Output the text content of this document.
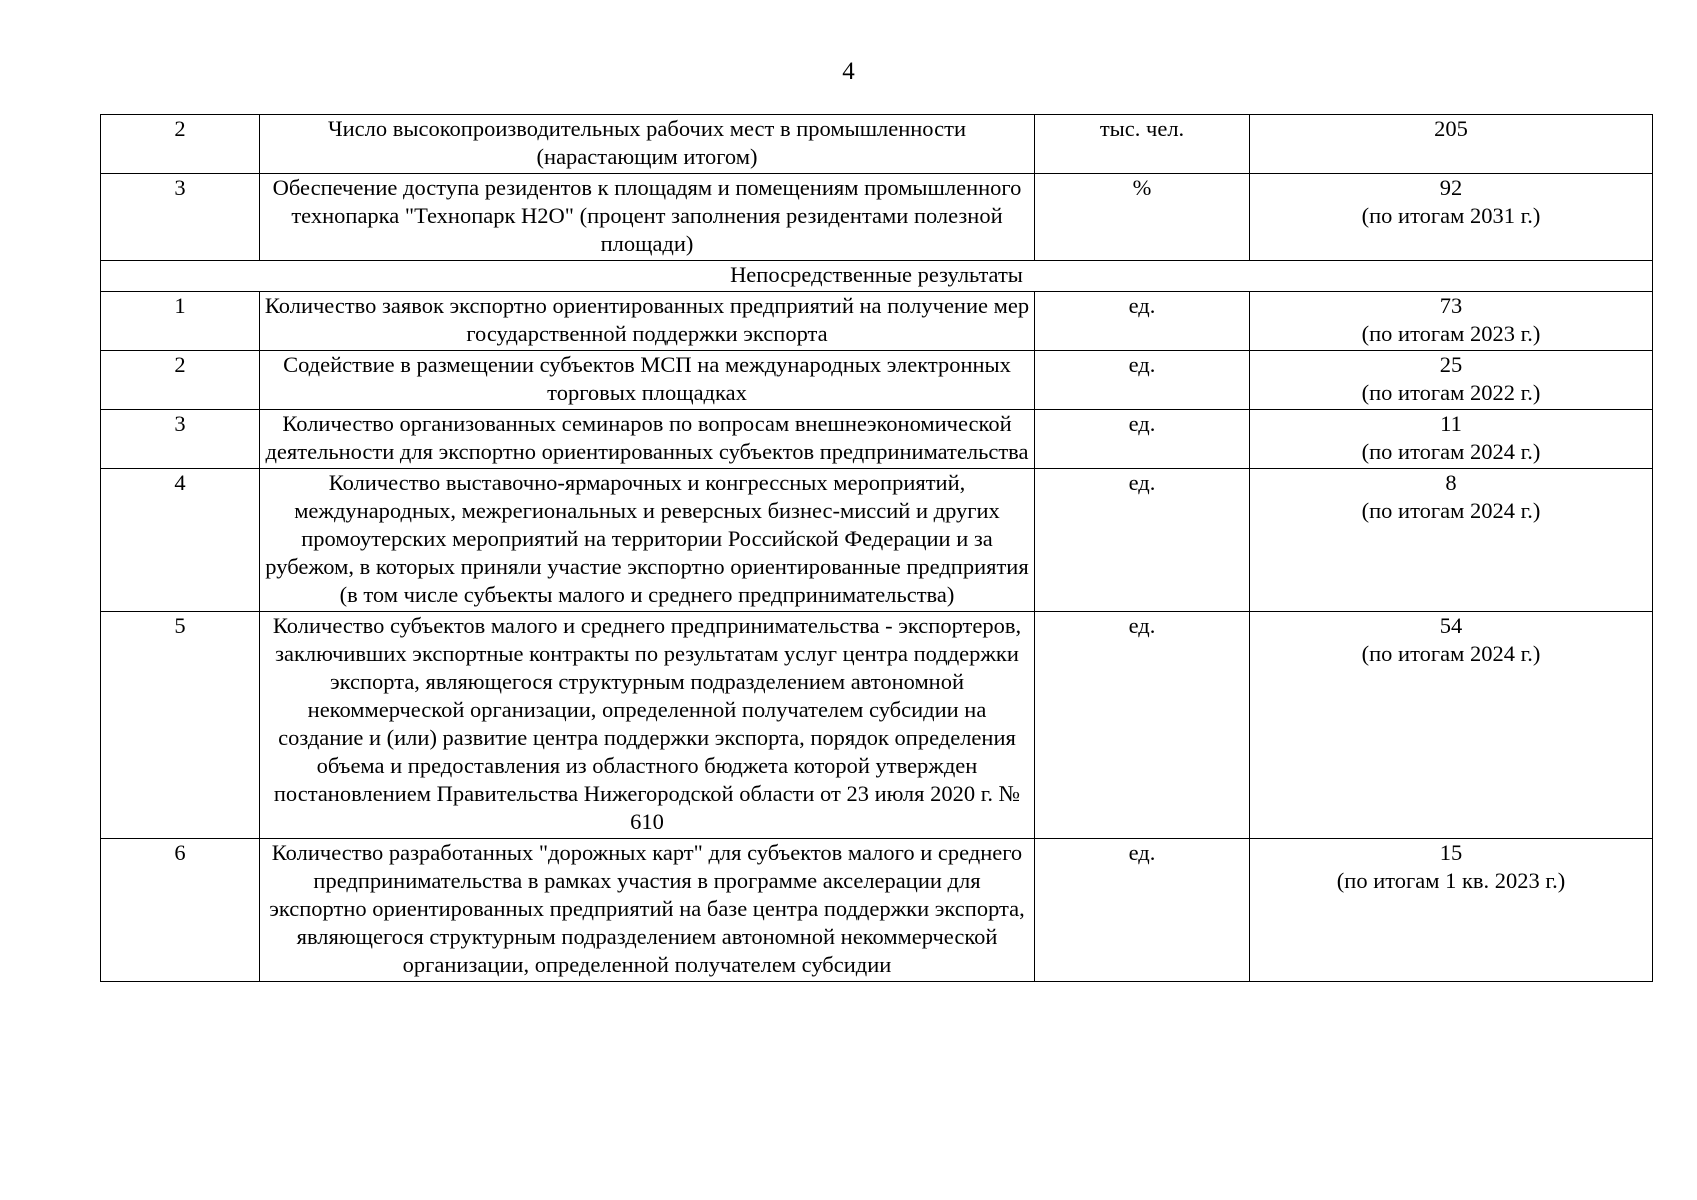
4
2	Число высокопроизводительных рабочих мест в промышленности (нарастающим итогом)	тыс. чел.	205

3	Обеспечение доступа резидентов к площадям и помещениям промышленного технопарка "Технопарк H2O" (процент заполнения резидентами полезной площади)	%	92
(по итогам 2031 г.)

Непосредственные результаты			
1	Количество заявок экспортно ориентированных предприятий на получение мер государственной поддержки экспорта	ед.	73
(по итогам 2023 г.)

2	Содействие в размещении субъектов МСП на международных электронных торговых площадках	ед.	25
(по итогам 2022 г.)

3	Количество организованных семинаров по вопросам внешнеэкономической деятельности для экспортно ориентированных субъектов предпринимательства	ед.	11
(по итогам 2024 г.)

4	Количество выставочно-ярмарочных и конгрессных мероприятий, международных, межрегиональных и реверсных бизнес-миссий и других промоутерских мероприятий на территории Российской Федерации и за рубежом, в которых приняли участие экспортно ориентированные предприятия (в том числе субъекты малого и среднего предпринимательства)	ед.	8
(по итогам 2024 г.)

5	Количество субъектов малого и среднего предпринимательства - экспортеров, заключивших экспортные контракты по результатам услуг центра поддержки экспорта, являющегося структурным подразделением автономной некоммерческой организации, определенной получателем субсидии на создание и (или) развитие центра поддержки экспорта, порядок определения объема и предоставления из областного бюджета которой утвержден постановлением Правительства Нижегородской области от 23 июля 2020 г. № 610	ед.	54
(по итогам 2024 г.)

6	Количество разработанных "дорожных карт" для субъектов малого и среднего предпринимательства в рамках участия в программе акселерации для экспортно ориентированных предприятий на базе центра поддержки экспорта, являющегося структурным подразделением автономной некоммерческой организации, определенной получателем субсидии	ед.	15
(по итогам 1 кв. 2023 г.)
